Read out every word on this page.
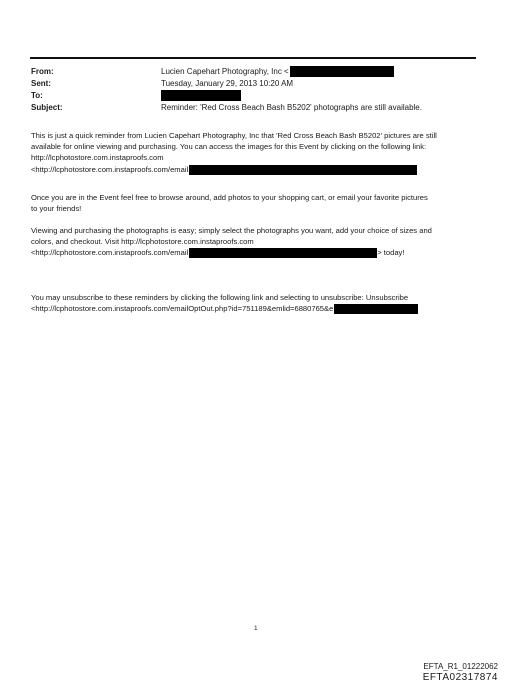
From:	Lucien Capehart Photography, Inc <
Sent:	Tuesday, January 29, 2013 10:20 AM
To:
Subject:	Reminder: 'Red Cross Beach Bash B5202' photographs are still available.
This is just a quick reminder from Lucien Capehart Photography, Inc that 'Red Cross Beach Bash B5202' pictures are still
available for online viewing and purchasing. You can access the images for this Event by clicking on the following link:
http://lcphotostore.com.instaproofs.com
<http://lcphotostore.com.instaproofs.com/email
Once you are in the Event feel free to browse around, add photos to your shopping cart, or email your favorite pictures
to your friends!
Viewing and purchasing the photographs is easy; simply select the photographs you want, add your choice of sizes and
colors, and checkout. Visit http://lcphotostore.com.instaproofs.com
<http://lcphotostore.com.instaproofs.com/email	> today!
You may unsubscribe to these reminders by clicking the following link and selecting to unsubscribe: Unsubscribe
<http://lcphotostore.com.instaproofs.com/emailOptOut.php?id=751189&emlid=6880765&e
1
EFTA_R1_01222062
EFTA02317874
